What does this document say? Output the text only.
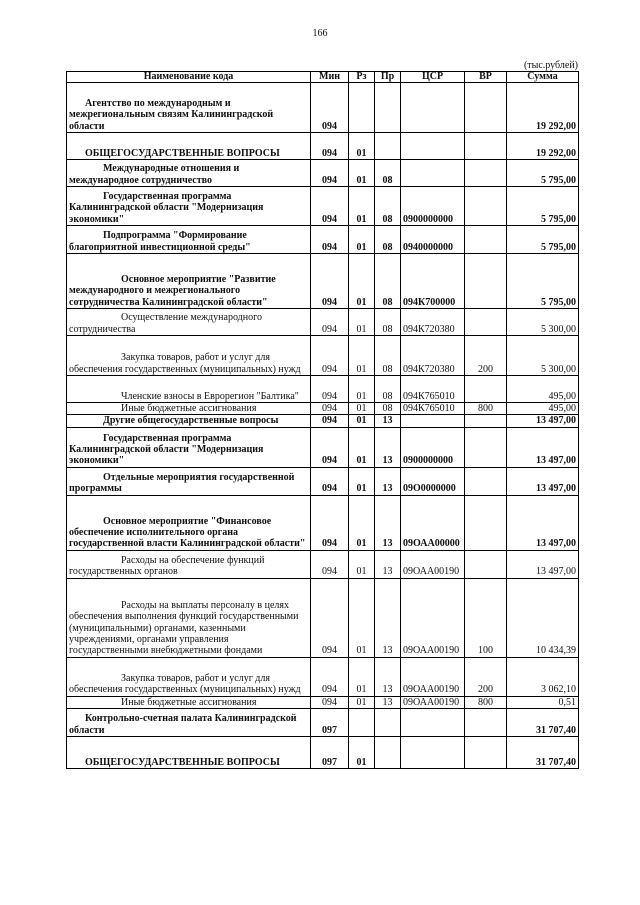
166
(тыс.рублей)
Наименование кода	Мин	Рз	Пр	ЦСР	ВР	Сумма
Агентство по международным и межрегиональным связям Калининградской области	094					19 292,00
ОБЩЕГОСУДАРСТВЕННЫЕ ВОПРОСЫ	094	01				19 292,00
Международные отношения и международное сотрудничество	094	01	08			5 795,00
Государственная программа Калининградской области "Модернизация экономики"	094	01	08	0900000000		5 795,00
Подпрограмма "Формирование благоприятной инвестиционной среды"	094	01	08	0940000000		5 795,00
Основное мероприятие "Развитие международного и межрегионального сотрудничества Калининградской области"	094	01	08	094К700000		5 795,00
Осуществление международного сотрудничества	094	01	08	094К720380		5 300,00
Закупка товаров, работ и услуг для обеспечения государственных (муниципальных) нужд	094	01	08	094К720380	200	5 300,00
Членские взносы в Еврорегион "Балтика"	094	01	08	094К765010		495,00
Иные бюджетные ассигнования	094	01	08	094К765010	800	495,00
Другие общегосударственные вопросы	094	01	13			13 497,00
Государственная программа Калининградской области "Модернизация экономики"	094	01	13	0900000000		13 497,00
Отдельные мероприятия государственной программы	094	01	13	09O0000000		13 497,00
Основное мероприятие "Финансовое обеспечение исполнительного органа государственной власти Калининградской области"	094	01	13	09ОАА00000		13 497,00
Расходы на обеспечение функций государственных органов	094	01	13	09ОАА00190		13 497,00
Расходы на выплаты персоналу в целях обеспечения выполнения функций государственными (муниципальными) органами, казенными учреждениями, органами управления государственными внебюджетными фондами	094	01	13	09ОАА00190	100	10 434,39
Закупка товаров, работ и услуг для обеспечения государственных (муниципальных) нужд	094	01	13	09ОАА00190	200	3 062,10
Иные бюджетные ассигнования	094	01	13	09ОАА00190	800	0,51
Контрольно-счетная палата Калининградской области	097					31 707,40
ОБЩЕГОСУДАРСТВЕННЫЕ ВОПРОСЫ	097	01				31 707,40
